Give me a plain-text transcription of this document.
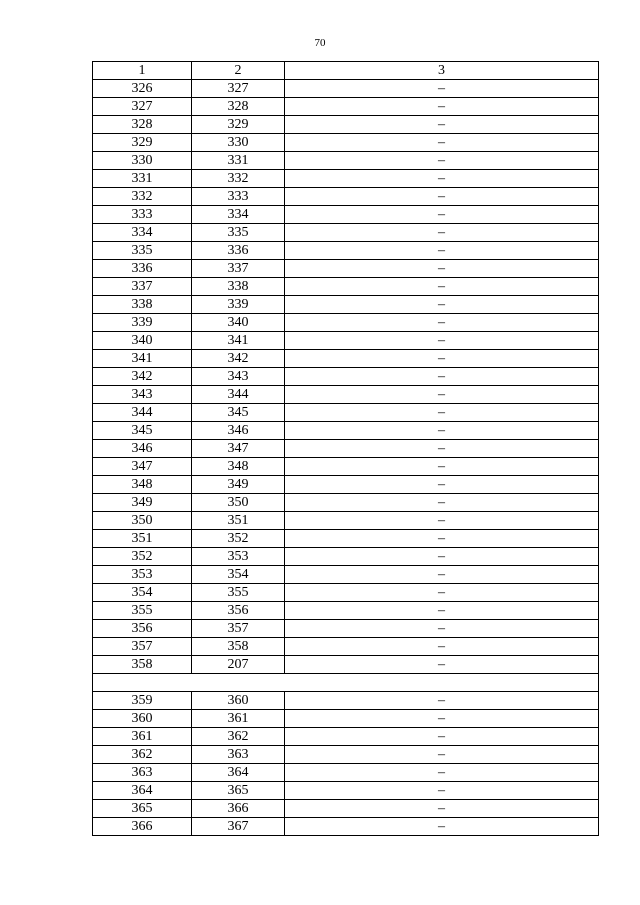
70
1	2	3
326	327	–
327	328	–
328	329	–
329	330	–
330	331	–
331	332	–
332	333	–
333	334	–
334	335	–
335	336	–
336	337	–
337	338	–
338	339	–
339	340	–
340	341	–
341	342	–
342	343	–
343	344	–
344	345	–
345	346	–
346	347	–
347	348	–
348	349	–
349	350	–
350	351	–
351	352	–
352	353	–
353	354	–
354	355	–
355	356	–
356	357	–
357	358	–
358	207	–

359	360	–
360	361	–
361	362	–
362	363	–
363	364	–
364	365	–
365	366	–
366	367	–
